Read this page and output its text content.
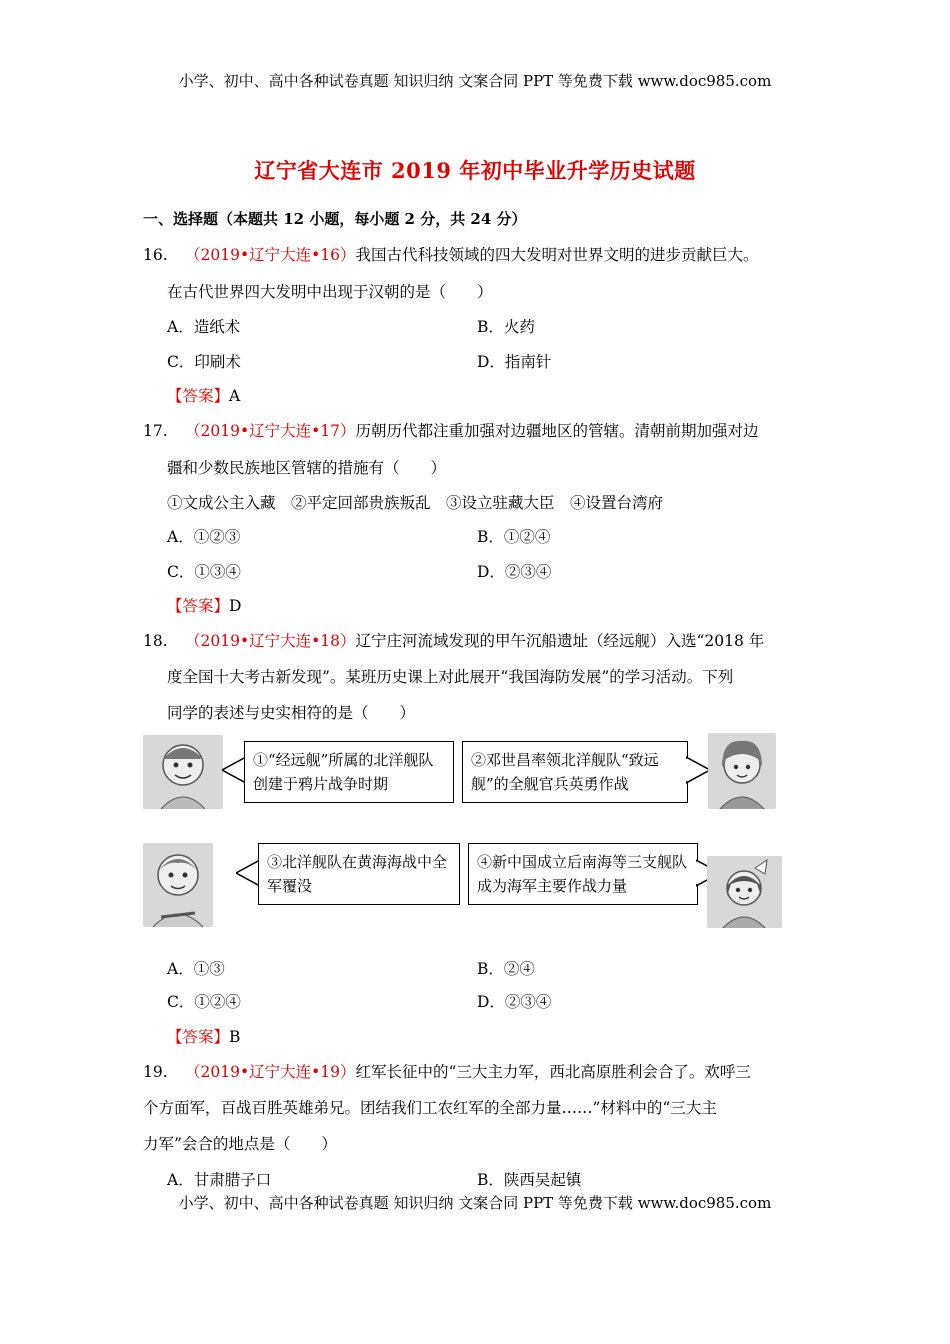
小学、初中、高中各种试卷真题 知识归纳 文案合同 PPT 等免费下载 www.doc985.com
辽宁省大连市 2019 年初中毕业升学历史试题
一、选择题（本题共 12 小题，每小题 2 分，共 24 分）
16. （2019•辽宁大连•16）我国古代科技领域的四大发明对世界文明的进步贡献巨大。
在古代世界四大发明中出现于汉朝的是（　　）
A．造纸术	B．火药
C．印刷术	D．指南针
【答案】A
17. （2019•辽宁大连•17）历朝历代都注重加强对边疆地区的管辖。清朝前期加强对边
疆和少数民族地区管辖的措施有（　　）
①文成公主入藏　②平定回部贵族叛乱　③设立驻藏大臣　④设置台湾府
A．①②③	B．①②④
C．①③④	D．②③④
【答案】D
18. （2019•辽宁大连•18）辽宁庄河流域发现的甲午沉船遗址（经远舰）入选“2018 年
度全国十大考古新发现”。某班历史课上对此展开“我国海防发展”的学习活动。下列
同学的表述与史实相符的是（　　）
①“经远舰”所属的北洋舰队创建于鸦片战争时期
②邓世昌率领北洋舰队“致远舰”的全舰官兵英勇作战
③北洋舰队在黄海海战中全军覆没
④新中国成立后南海等三支舰队成为海军主要作战力量
A．①③	B．②④
C．①②④	D．②③④
【答案】B
19. （2019•辽宁大连•19）红军长征中的“三大主力军，西北高原胜利会合了。欢呼三
个方面军，百战百胜英雄弟兄。团结我们工农红军的全部力量……”材料中的“三大主
力军”会合的地点是（　　）
A．甘肃腊子口	B．陕西吴起镇
小学、初中、高中各种试卷真题 知识归纳 文案合同 PPT 等免费下载 www.doc985.com
